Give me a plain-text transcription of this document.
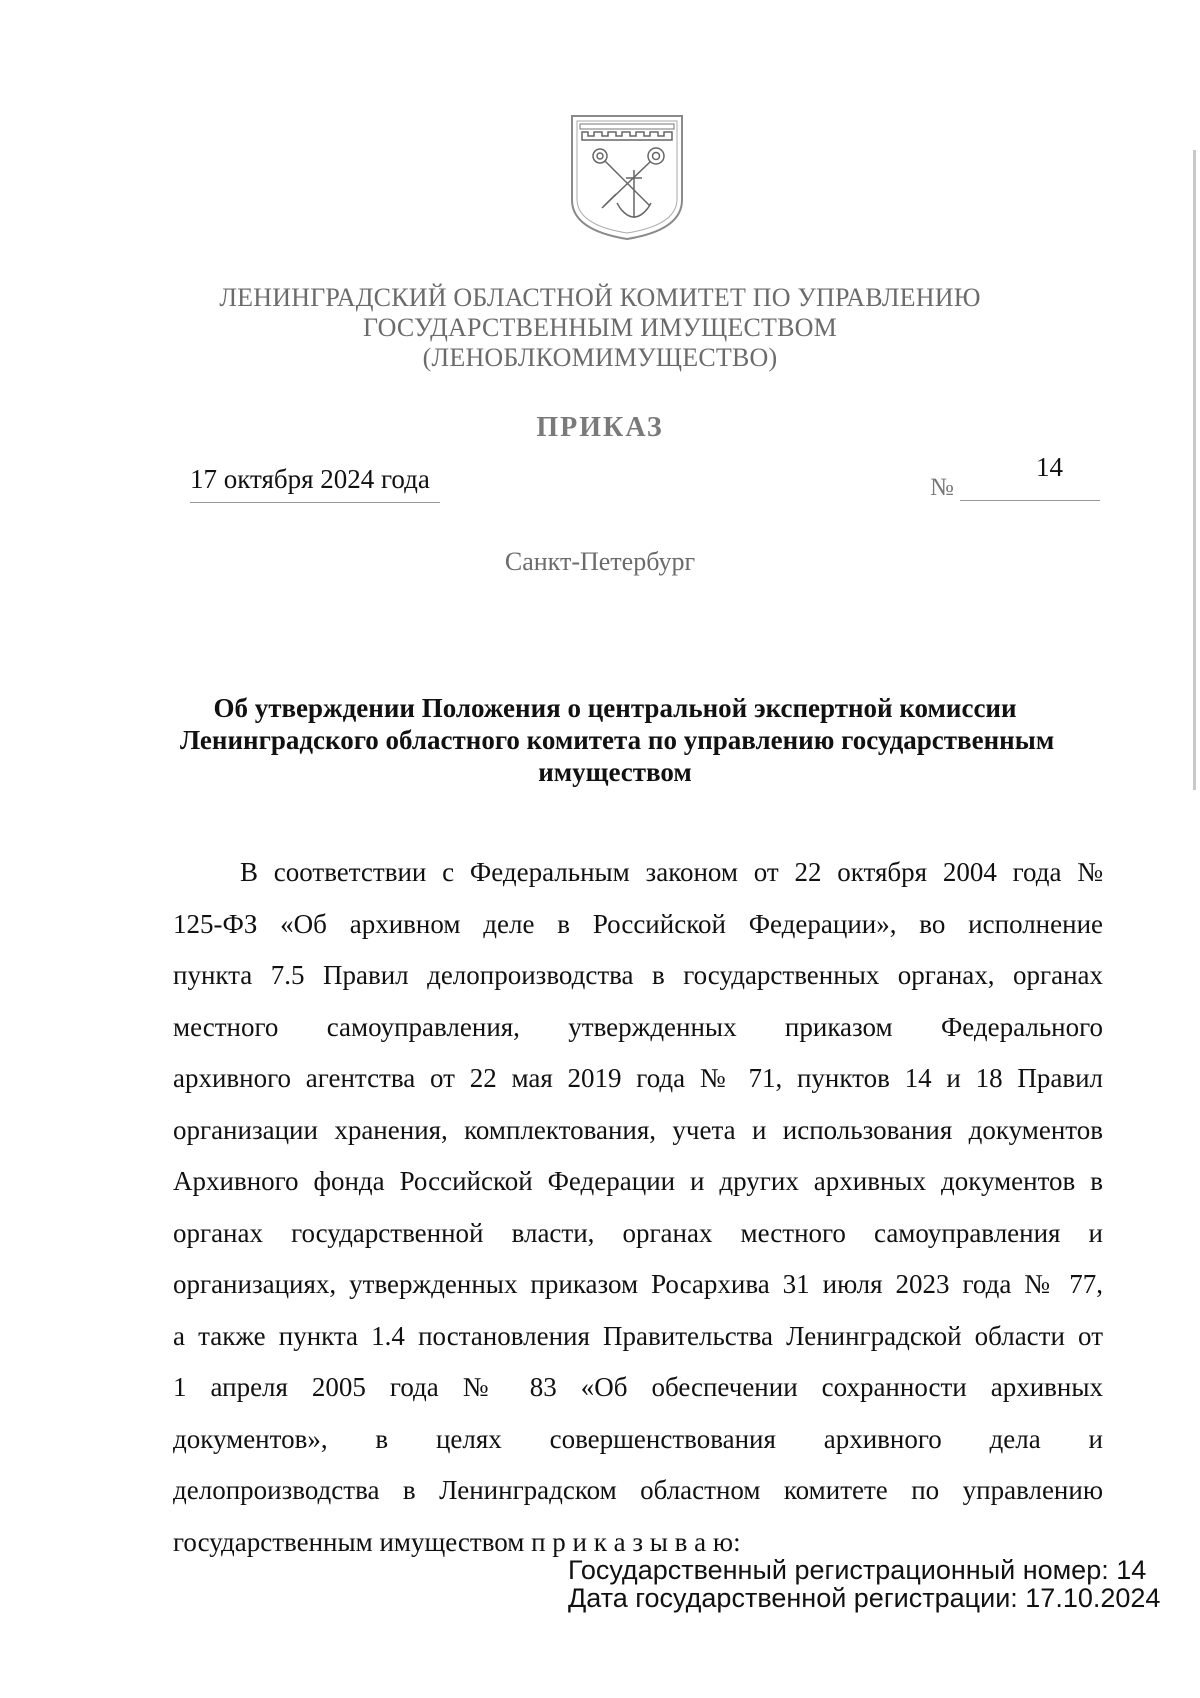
ЛЕНИНГРАДСКИЙ ОБЛАСТНОЙ КОМИТЕТ ПО УПРАВЛЕНИЮ
ГОСУДАРСТВЕННЫМ ИМУЩЕСТВОМ
(ЛЕНОБЛКОМИМУЩЕСТВО)
ПРИКАЗ
17 октября 2024 года	№
14
Санкт-Петербург
Об утверждении Положения о центральной экспертной комиссии
Ленинградского областного комитета по управлению государственным
имуществом
В соответствии с Федеральным законом от 22 октября 2004 года №
125-ФЗ «Об архивном деле в Российской Федерации», во исполнение
пункта 7.5 Правил делопроизводства в государственных органах, органах
местного самоуправления, утвержденных приказом Федерального
архивного агентства от 22 мая 2019 года № 71, пунктов 14 и 18 Правил
организации хранения, комплектования, учета и использования документов
Архивного фонда Российской Федерации и других архивных документов в
органах государственной власти, органах местного самоуправления и
организациях, утвержденных приказом Росархива 31 июля 2023 года № 77,
а также пункта 1.4 постановления Правительства Ленинградской области от
1 апреля 2005 года № 83 «Об обеспечении сохранности архивных
документов», в целях совершенствования архивного дела и
делопроизводства в Ленинградском областном комитете по управлению
государственным имуществом п р и к а з ы в а ю:
Государственный регистрационный номер: 14
Дата государственной регистрации: 17.10.2024
